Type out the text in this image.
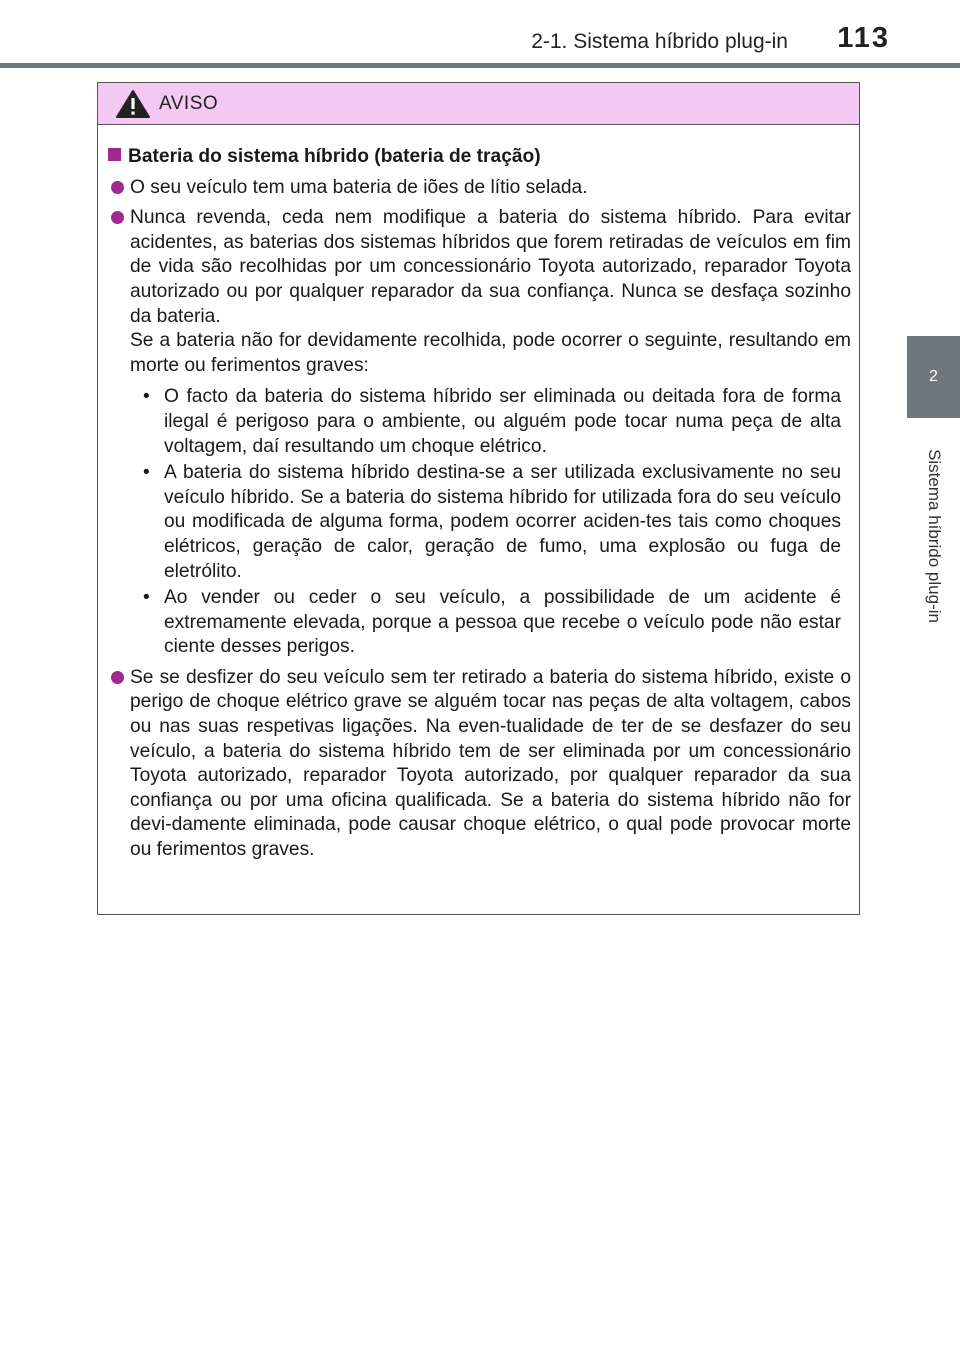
2-1. Sistema híbrido plug-in 113
2
Sistema híbrido plug-in
AVISO
Bateria do sistema híbrido (bateria de tração)

O seu veículo tem uma bateria de iões de lítio selada.

Nunca revenda, ceda nem modifique a bateria do sistema híbrido. Para evitar acidentes, as baterias dos sistemas híbridos que forem retiradas de veículos em fim de vida são recolhidas por um concessionário Toyota autorizado, reparador Toyota autorizado ou por qualquer reparador da sua confiança. Nunca se desfaça sozinho da bateria.

Se a bateria não for devidamente recolhida, pode ocorrer o seguinte, resultando em morte ou ferimentos graves:

• O facto da bateria do sistema híbrido ser eliminada ou deitada fora de forma ilegal é perigoso para o ambiente, ou alguém pode tocar numa peça de alta voltagem, daí resultando um choque elétrico.
• A bateria do sistema híbrido destina-se a ser utilizada exclusivamente no seu veículo híbrido. Se a bateria do sistema híbrido for utilizada fora do seu veículo ou modificada de alguma forma, podem ocorrer aciden-tes tais como choques elétricos, geração de calor, geração de fumo, uma explosão ou fuga de eletrólito.
• Ao vender ou ceder o seu veículo, a possibilidade de um acidente é extremamente elevada, porque a pessoa que recebe o veículo pode não estar ciente desses perigos.

Se se desfizer do seu veículo sem ter retirado a bateria do sistema híbrido, existe o perigo de choque elétrico grave se alguém tocar nas peças de alta voltagem, cabos ou nas suas respetivas ligações. Na even-tualidade de ter de se desfazer do seu veículo, a bateria do sistema híbrido tem de ser eliminada por um concessionário Toyota autorizado, reparador Toyota autorizado, por qualquer reparador da sua confiança ou por uma oficina qualificada. Se a bateria do sistema híbrido não for devi-damente eliminada, pode causar choque elétrico, o qual pode provocar morte ou ferimentos graves.
